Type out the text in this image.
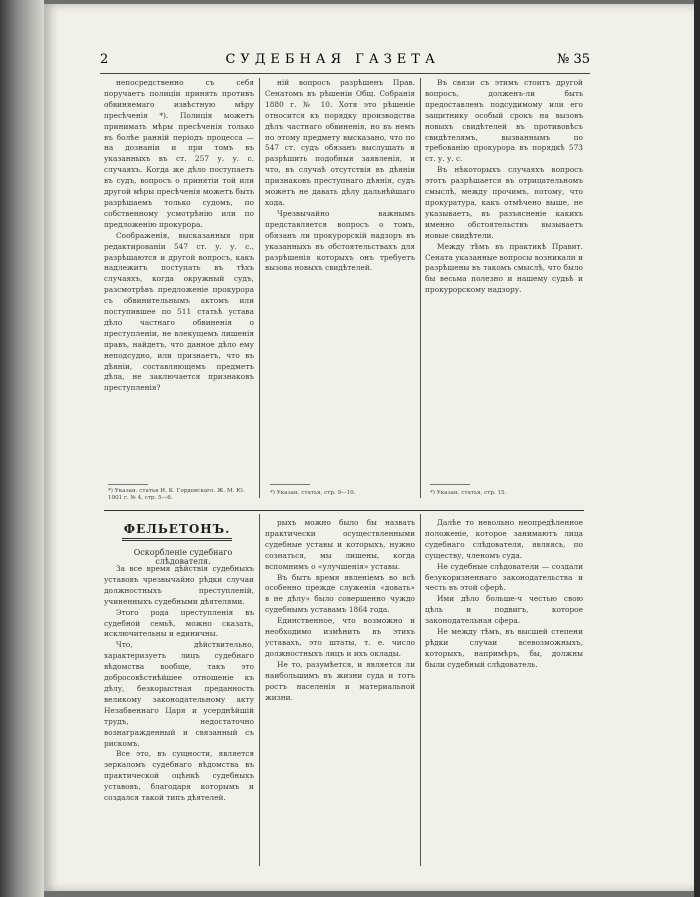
2	СУДЕБНАЯ ГАЗЕТА	№ 35

непосредственно съ себя поручаетъ полиціи принять противъ обвиняемаго извѣстную мѣру пресѣченія *). Полиція можетъ принимать мѣры пресѣченія только въ болѣе ранній періодъ процесса — на дознаніи и при томъ въ указанныхъ въ ст. 257 у. у. с. случаяхъ. Когда же дѣло поступаетъ въ судъ, вопросъ о принятіи той или другой мѣры пресѣченія можетъ быть разрѣшаемъ только судомъ, по собственному усмотрѣнію или по предложенію прокурора.

Соображенія, высказанныя при редактированіи 547 ст. у. у. с., разрѣшаются и другой вопросъ, какъ надлежитъ поступать въ тѣхъ случаяхъ, когда окружный судъ, разсмотрѣвъ предложеніе прокурора съ обвинительнымъ актомъ или поступившее по 511 статьѣ устава дѣло частнаго обвиненія о преступленіи, не влекущемъ лишенія правъ, найдетъ, что данное дѣло ему неподсудно, или признаетъ, что въ дѣяніи, составляющемъ предметъ дѣла, не заключается признаковъ преступленія?

ній вопросъ разрѣшенъ Прав. Сенатомъ въ рѣшеніи Общ. Собранія 1880 г. № 10. Хотя это рѣшеніе относится къ порядку производства дѣлъ частнаго обвиненія, но въ немъ по этому предмету высказано, что по 547 ст. судъ обязанъ выслушать и разрѣшить подобныя заявленія, и что, въ случаѣ отсутствія въ дѣяніи признаковъ преступнаго дѣянія, судъ можетъ не давать дѣлу дальнѣйшаго хода.

Чрезвычайно важнымъ представляется вопросъ о томъ, обязанъ ли прокурорскій надзоръ въ указанныхъ въ обстоятельствахъ для разрѣшенія которыхъ онъ требуетъ вызова новыхъ свидѣтелей.

Въ связи съ этимъ стоитъ другой вопросъ, долженъ-ли быть предоставленъ подсудимому или его защитнику особый срокъ на вызовъ новыхъ свидѣтелей въ противовѣсъ свидѣтелямъ, вызваннымъ по требованію прокурора въ порядкѣ 573 ст. у. у. с.

Въ нѣкоторыхъ случаяхъ вопросъ этотъ разрѣшается въ отрицательномъ смыслѣ, между прочимъ, потому, что прокуратура, какъ отмѣчено выше, не указываетъ, въ разъясненіе какихъ именно обстоятельствъ вызываетъ новые свидѣтели.

Между тѣмъ въ практикѣ Правит. Сената указанные вопросы возникали и разрѣшены въ такомъ смыслѣ, что было бы весьма полезно и нашему судьѣ и прокурорскому надзору.

*) Указан. статья И. К. Гордевскаго. Ж. М. Ю. 1901 г. № 4, стр. 5—6.
*) Указан. статья, стр. 9—10.	*) Указан. статья, стр. 15.
ФЕЛЬЕТОНЪ.
Оскорбленіе судебнаго слѣдователя.

За все время дѣйствія судебныхъ уставовъ чрезвычайно рѣдки случаи должностныхъ преступленій, учиненныхъ судебными дѣятелями.

Этого рода преступленія въ судебной семьѣ, можно сказать, исключительны и единичны.

Что, дѣйствительно, характеризуетъ лицъ судебнаго вѣдомства вообще, такъ это добросовѣстнѣйшее отношеніе къ дѣлу, безкорыстная преданность великому законодательному акту Незабвеннаго Царя и усерднѣйшій трудъ, недостаточно вознагражденный и связанный съ рискомъ.

Все это, въ сущности, является зеркаломъ судебнаго вѣдомства въ практической оцѣнкѣ судебныхъ уставовъ, благодаря которымъ и создался такой типъ дѣятелей.

рыхъ можно было бы назвать практически осуществленными судебные уставы и которыхъ, нужно сознаться, мы лишены, когда вспомнимъ о «улучшенія» уставы.

Въ бытъ время явленіемъ во всѣ особенно прежде служенія «довать» в не дѣлу» было совершенно чуждо судебнымъ уставамъ 1864 года.

Единственное, что возможно и необходимо измѣнить въ этихъ уставахъ, это штаты, т. е. число должностныхъ лицъ и ихъ оклады.

Не то, разумѣется, и является ли наибольшимъ въ жизни суда и тотъ ростъ населенія и материальной жизни.

Далѣе то невольно неопредѣленное положеніе, которое занимаютъ лица судебнаго слѣдователя, являясь, по существу, членомъ суда.

Не судебные слѣдователи — создали безукоризненнаго законодательства и честь въ этой сферѣ.

Ими дѣло больше-ч честью свою цѣль и подвигъ, которое законодательная сфера.

Не между тѣмъ, въ высшей степени рѣдки случаи всевозможныхъ, которыхъ, напримѣръ, бы, должны были судебный слѣдователь.
